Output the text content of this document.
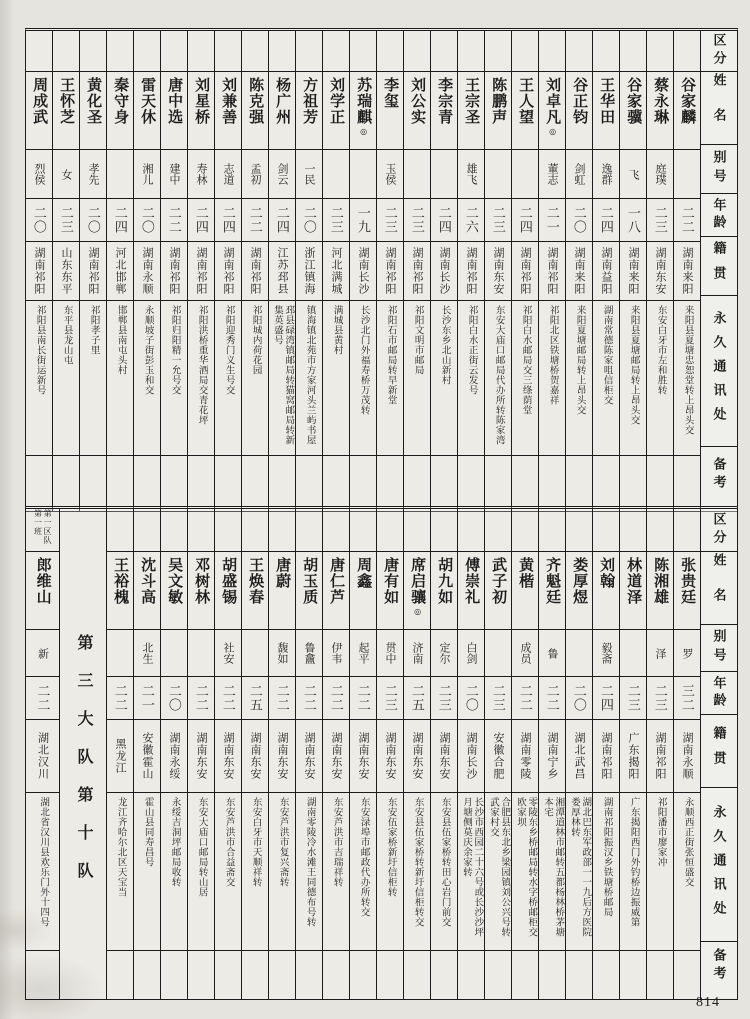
周成武
烈侯
二〇
湖南祁阳
祁阳县南长街运新号
王怀芝
女
二三
山东东平
东平县龙山屯
黄化圣
孝先
二〇
湖南祁阳
祁阳孝子里
秦守身
二四
河北邯郸
邯郸县南屯头村
雷天休
湘儿
二〇
湖南永顺
永顺坡子街彭玉和交
唐中选
建中
二二
湖南祁阳
祁阳归阳精一允号交
刘星桥
寿林
二四
湖南祁阳
祁阳洪桥重华酒局交青花坪
刘兼善
志道
二四
湖南祁阳
祁阳迎秀门义生号交
陈克强
孟初
二二
湖南祁阳
祁阳城内荷花园
杨广州
剑云
二四
江苏邳县
邳县碌湾镇邮局转猫窝邮局转新集英盛号
方祖芳
一民
二〇
浙江镇海
镇海镇北苑市方家河头兰屿书屋
刘学正
二三
河北满城
满城县黄村
苏瑞麒◎
一九
湖南长沙
长沙北门外福寿桥万茂转
李玺
玉侯
二三
湖南祁阳
祁阳石市邮局转早新堂
刘公实
二三
湖南祁阳
祁阳文明市邮局
李宗青
二四
湖南长沙
长沙东乡北山新村
王宗圣
雄飞
二六
湖南祁阳
祁阳白水正街云发号
陈鹏声
二三
湖南东安
东安大庙口邮局代办所转陈家湾
王人望
二四
湖南祁阳
祁阳白水邮局交三绦荫堂
刘卓凡◎
董志
二一
湖南祁阳
祁阳北区铁塘桥贺嘉祥
谷正钧
剑虹
二〇
湖南来阳
来阳夏塘邮局转上昂头交
王华田
逸群
二四
湖南益阳
湖南常德陈家咀信柜交
谷家骥
飞
一八
湖南来阳
来阳县夏塘邮局转上昂头交
蔡永琳
庭璞
二三
湖南东安
东安白牙市左和胜转
谷家麟
二二
湖南来阳
来阳县夏塘忠恕堂转上昂头交
区分
姓名
别号
年龄
籍贯
永久通讯处
备考
第一区队第一班
郎维山
新
二二
湖北汉川
湖北省汉川县欢乐门外十四号 第三大队第十队
王裕槐
二二
黑龙江
龙江齐哈尔北区天宝当
沈斗高
北生
二一
安徽霍山
霍山县同寿昌号
吴文敏
二〇
湖南永绥
永绥吉洞坪邮局收转
邓树林
二二
湖南东安
东安大庙口邮局转山居
胡盛锡
社安
二二
湖南东安
东安芦洪市合益斋交
王焕春
二五
湖南东安
东安白牙市天顺祥转
唐蔚
馥如
二二
湖南东安
东安芦洪市复兴斋转
胡玉质
鲁盫
二二
湖南东安
湖南零陵冷水滩王同德布号转
唐仁芦
伊韦
二二
湖南东安
东安芦洪市吉瑞祥转
周鑫
起平
二二
湖南东安
东安渌埠市邮政代办所转交
唐有如
贯中
二三
湖南东安
东安伍家桥新圩信柜转
席启骧◎
济南
二五
湖南东安
东安县伍家桥转新圩信柜转交
胡九如
定尔
二三
湖南东安
东安县伍家桥转田心岩门前交
傅崇礼
白剑
二〇
湖南长沙
长沙市西园二十六号或长沙沙坪月塘侧莫庆余家转
武子初
二三
安徽合肥
合肥县东北乡梁园镇刘公兴号转武家村交
黄楷
成员
二二
湖南零陵
零陵东乡桥邮局转水字桥邮柜交欧家坝
齐魁廷
鲁
二二
湖南宁乡
湘潭道林市邮转五都杨林桥茅塘本宅
娄厚煜
二〇
湖北武昌
湖北巴东军政部一一九后方医院娄厚林转
刘翰
毅斋
二四
湖南祁阳
湖南祁阳振汉乡铁塘桥邮局
林道泽
二三
广东揭阳
广东揭阳西门外钓桥边振威第
陈湘雄
泽
二三
湖南祁阳
祁阳潘市廖家冲
张贵廷
罗
三二
湖南永顺
永顺西正街张恒盛交
区分
姓名
别号
年龄
籍贯
永久通讯处
备考
814
